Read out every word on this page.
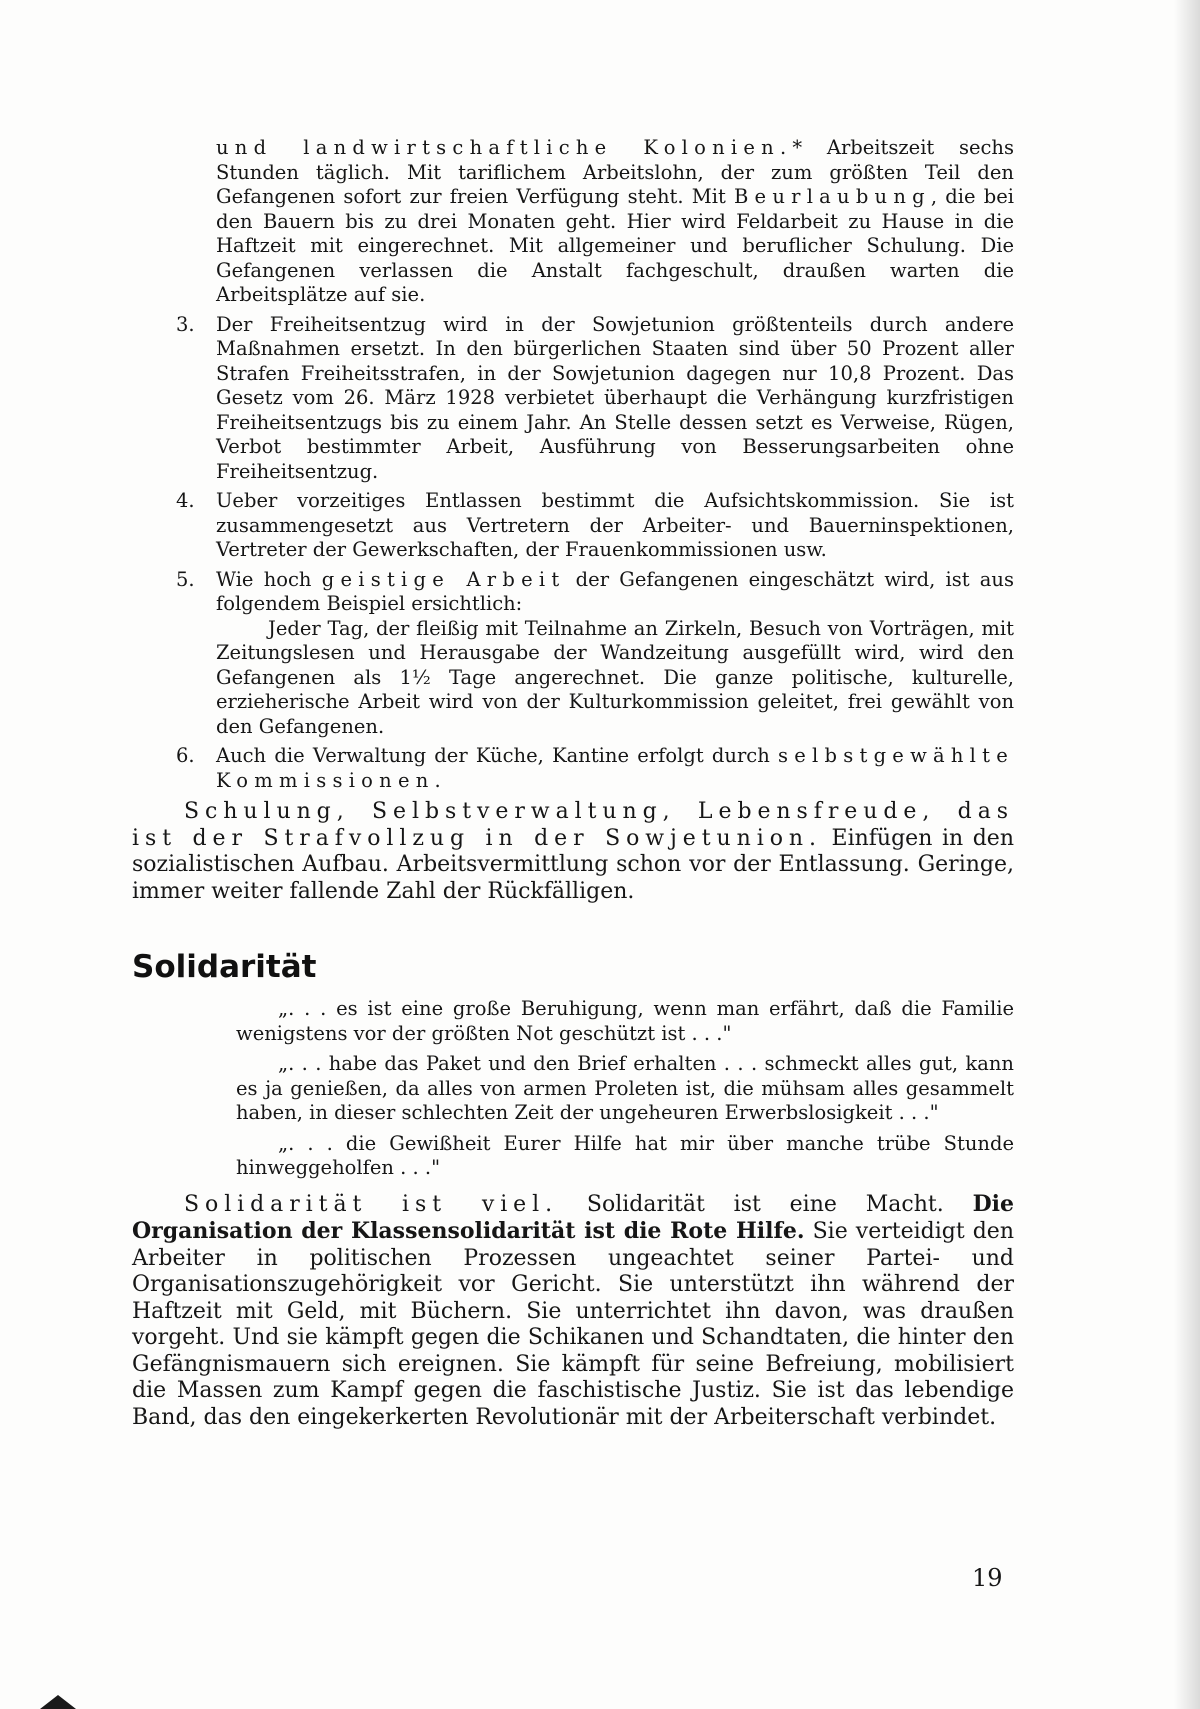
und landwirtschaftliche Kolonien.* Arbeitszeit sechs Stunden täglich. Mit tariflichem Arbeitslohn, der zum größten Teil den Gefangenen sofort zur freien Verfügung steht. Mit Beurlaubung, die bei den Bauern bis zu drei Monaten geht. Hier wird Feldarbeit zu Hause in die Haftzeit mit eingerechnet. Mit allgemeiner und beruflicher Schulung. Die Gefangenen verlassen die Anstalt fachgeschult, draußen warten die Arbeitsplätze auf sie.

3. Der Freiheitsentzug wird in der Sowjetunion größtenteils durch andere Maßnahmen ersetzt. In den bürgerlichen Staaten sind über 50 Prozent aller Strafen Freiheitsstrafen, in der Sowjetunion dagegen nur 10,8 Prozent. Das Gesetz vom 26. März 1928 verbietet überhaupt die Verhängung kurzfristigen Freiheitsentzugs bis zu einem Jahr. An Stelle dessen setzt es Verweise, Rügen, Verbot bestimmter Arbeit, Ausführung von Besserungsarbeiten ohne Freiheitsentzug.

4. Ueber vorzeitiges Entlassen bestimmt die Aufsichtskommission. Sie ist zusammengesetzt aus Vertretern der Arbeiter- und Bauerninspektionen, Vertreter der Gewerkschaften, der Frauenkommissionen usw.

5. Wie hoch geistige Arbeit der Gefangenen eingeschätzt wird, ist aus folgendem Beispiel ersichtlich:

Jeder Tag, der fleißig mit Teilnahme an Zirkeln, Besuch von Vorträgen, mit Zeitungslesen und Herausgabe der Wandzeitung ausgefüllt wird, wird den Gefangenen als 1½ Tage angerechnet. Die ganze politische, kulturelle, erzieherische Arbeit wird von der Kulturkommission geleitet, frei gewählt von den Gefangenen.

6. Auch die Verwaltung der Küche, Kantine erfolgt durch selbstgewählte Kommissionen.

Schulung, Selbstverwaltung, Lebensfreude, das ist der Strafvollzug in der Sowjetunion. Einfügen in den sozialistischen Aufbau. Arbeitsvermittlung schon vor der Entlassung. Geringe, immer weiter fallende Zahl der Rückfälligen.

Solidarität

„. . . es ist eine große Beruhigung, wenn man erfährt, daß die Familie wenigstens vor der größten Not geschützt ist . . ."

„. . . habe das Paket und den Brief erhalten . . . schmeckt alles gut, kann es ja genießen, da alles von armen Proleten ist, die mühsam alles gesammelt haben, in dieser schlechten Zeit der ungeheuren Erwerbslosigkeit . . ."

„. . . die Gewißheit Eurer Hilfe hat mir über manche trübe Stunde hinweggeholfen . . ."

Solidarität ist viel. Solidarität ist eine Macht. Die Organisation der Klassensolidarität ist die Rote Hilfe. Sie verteidigt den Arbeiter in politischen Prozessen ungeachtet seiner Partei- und Organisationszugehörigkeit vor Gericht. Sie unterstützt ihn während der Haftzeit mit Geld, mit Büchern. Sie unterrichtet ihn davon, was draußen vorgeht. Und sie kämpft gegen die Schikanen und Schandtaten, die hinter den Gefängnismauern sich ereignen. Sie kämpft für seine Befreiung, mobilisiert die Massen zum Kampf gegen die faschistische Justiz. Sie ist das lebendige Band, das den eingekerkerten Revolutionär mit der Arbeiterschaft verbindet.

19
